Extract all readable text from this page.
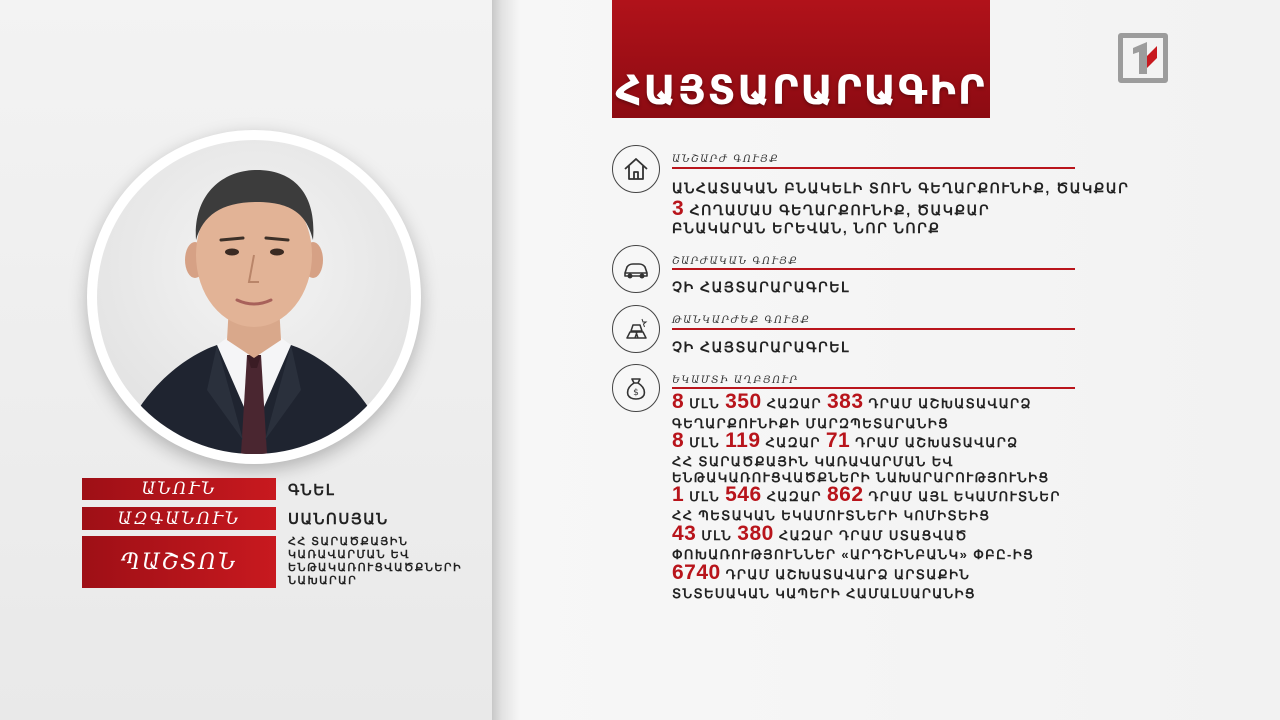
ԱՆՈՒՆ	ԳՆԵԼ
ԱԶԳԱՆՈՒՆ	ՍԱՆՈՍՅԱՆ
ՊԱՇՏՈՆ
ՀՀ ՏԱՐԱԾՔԱՅԻՆ
ԿԱՌԱՎԱՐՄԱՆ ԵՎ
ԵՆԹԱԿԱՌՈՒՑՎԱԾՔՆԵՐԻ
ՆԱԽԱՐԱՐ
ՀԱՅՏԱՐԱՐԱԳԻՐ
ԱՆՇԱՐԺ ԳՈՒՅՔ
ԱՆՀԱՏԱԿԱՆ ԲՆԱԿԵԼԻ ՏՈՒՆ ԳԵՂԱՐՔՈՒՆԻՔ, ԾԱԿՔԱՐ
3 ՀՈՂԱՄԱՍ ԳԵՂԱՐՔՈՒՆԻՔ, ԾԱԿՔԱՐ
ԲՆԱԿԱՐԱՆ ԵՐԵՎԱՆ, ՆՈՐ ՆՈՐՔ
ՇԱՐԺԱԿԱՆ ԳՈՒՅՔ
ՉԻ ՀԱՅՏԱՐԱՐԱԳՐԵԼ
ԹԱՆԿԱՐԺԵՔ ԳՈՒՅՔ
ՉԻ ՀԱՅՏԱՐԱՐԱԳՐԵԼ
$
ԵԿԱՄՏԻ ԱՂԲՅՈՒՐ
8 ՄԼՆ 350 ՀԱԶԱՐ 383 ԴՐԱՄ ԱՇԽԱՏԱՎԱՐՁ
ԳԵՂԱՐՔՈՒՆԻՔԻ ՄԱՐԶՊԵՏԱՐԱՆԻՑ
8 ՄԼՆ 119 ՀԱԶԱՐ 71 ԴՐԱՄ ԱՇԽԱՏԱՎԱՐՁ
ՀՀ ՏԱՐԱԾՔԱՅԻՆ ԿԱՌԱՎԱՐՄԱՆ ԵՎ
ԵՆԹԱԿԱՌՈՒՑՎԱԾՔՆԵՐԻ ՆԱԽԱՐԱՐՈՒԹՅՈՒՆԻՑ
1 ՄԼՆ 546 ՀԱԶԱՐ 862 ԴՐԱՄ ԱՅԼ ԵԿԱՄՈՒՏՆԵՐ
ՀՀ ՊԵՏԱԿԱՆ ԵԿԱՄՈՒՏՆԵՐԻ ԿՈՄԻՏԵԻՑ
43 ՄԼՆ 380 ՀԱԶԱՐ ԴՐԱՄ ՍՏԱՑՎԱԾ
ՓՈԽԱՌՈՒԹՅՈՒՆՆԵՐ «ԱՐԴՇԻՆԲԱՆԿ» ՓԲԸ-ԻՑ
6740 ԴՐԱՄ ԱՇԽԱՏԱՎԱՐՁ ԱՐՏԱՔԻՆ
ՏՆՏԵՍԱԿԱՆ ԿԱՊԵՐԻ ՀԱՄԱԼՍԱՐԱՆԻՑ
